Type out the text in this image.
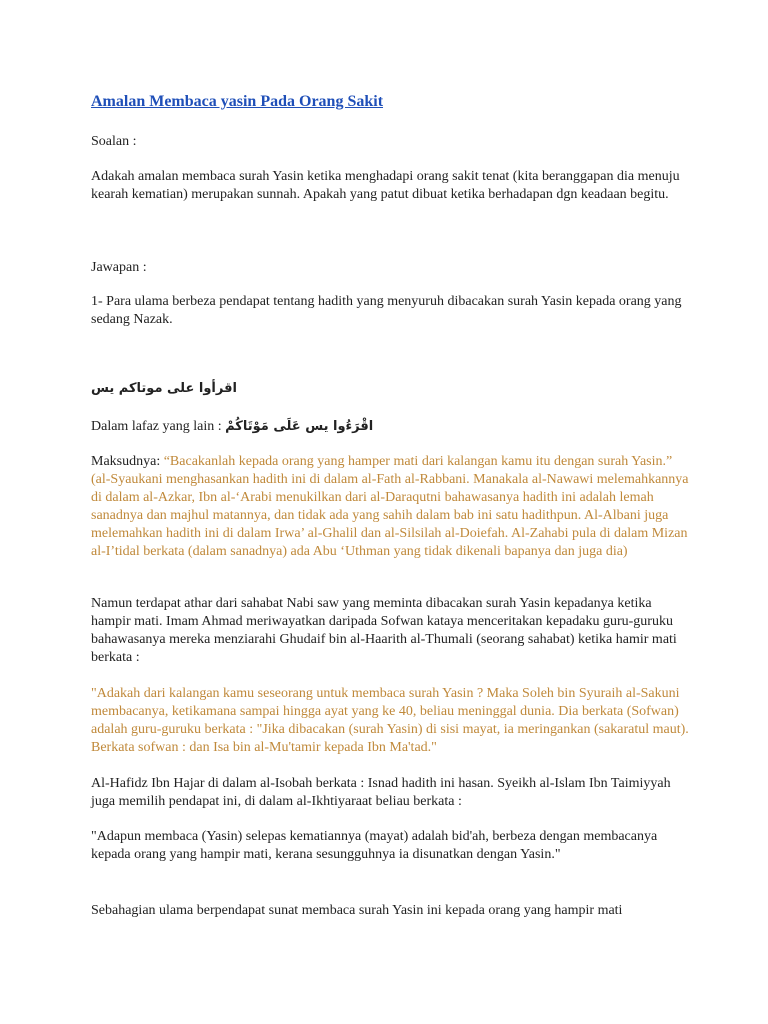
Amalan Membaca yasin Pada Orang Sakit

Soalan :

Adakah amalan membaca surah Yasin ketika menghadapi orang sakit tenat (kita beranggapan dia menuju kearah kematian) merupakan sunnah. Apakah yang patut dibuat ketika berhadapan dgn keadaan begitu.

Jawapan :

1- Para ulama berbeza pendapat tentang hadith yang menyuruh dibacakan surah Yasin kepada orang yang sedang Nazak.

اقرأوا على موتاكم يس

Dalam lafaz yang lain : اقْرَءُوا يس عَلَى مَوْتَاكُمْ

Maksudnya: “Bacakanlah kepada orang yang hamper mati dari kalangan kamu itu dengan surah Yasin.” (al-Syaukani menghasankan hadith ini di dalam al-Fath al-Rabbani. Manakala al-Nawawi melemahkannya di dalam al-Azkar, Ibn al-‘Arabi menukilkan dari al-Daraqutni bahawasanya hadith ini adalah lemah sanadnya dan majhul matannya, dan tidak ada yang sahih dalam bab ini satu hadithpun. Al-Albani juga melemahkan hadith ini di dalam Irwa’ al-Ghalil dan al-Silsilah al-Doiefah. Al-Zahabi pula di dalam Mizan al-I’tidal berkata (dalam sanadnya) ada Abu ‘Uthman yang tidak dikenali bapanya dan juga dia)

Namun terdapat athar dari sahabat Nabi saw yang meminta dibacakan surah Yasin kepadanya ketika hampir mati. Imam Ahmad meriwayatkan daripada Sofwan kataya menceritakan kepadaku guru-guruku bahawasanya mereka menziarahi Ghudaif bin al-Haarith al-Thumali (seorang sahabat) ketika hamir mati berkata :

"Adakah dari kalangan kamu seseorang untuk membaca surah Yasin ? Maka Soleh bin Syuraih al-Sakuni membacanya, ketikamana sampai hingga ayat yang ke 40, beliau meninggal dunia. Dia berkata (Sofwan) adalah guru-guruku berkata : "Jika dibacakan (surah Yasin) di sisi mayat, ia meringankan (sakaratul maut). Berkata sofwan : dan Isa bin al-Mu'tamir kepada Ibn Ma'tad."

Al-Hafidz Ibn Hajar di dalam al-Isobah berkata : Isnad hadith ini hasan. Syeikh al-Islam Ibn Taimiyyah juga memilih pendapat ini, di dalam al-Ikhtiyaraat beliau berkata :

"Adapun membaca (Yasin) selepas kematiannya (mayat) adalah bid'ah, berbeza dengan membacanya kepada orang yang hampir mati, kerana sesungguhnya ia disunatkan dengan Yasin."

Sebahagian ulama berpendapat sunat membaca surah Yasin ini kepada orang yang hampir mati
